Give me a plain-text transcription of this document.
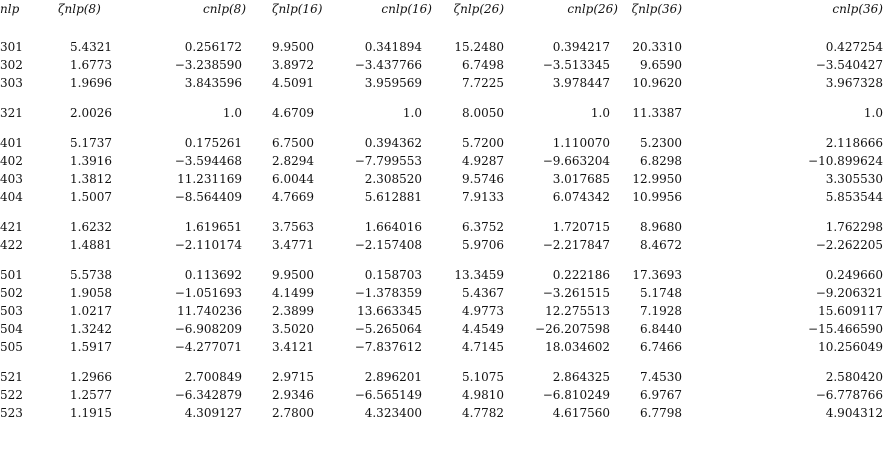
nlp	ζnlp(8)	cnlp(8)	ζnlp(16)	cnlp(16)	ζnlp(26)	cnlp(26)	ζnlp(36)	cnlp(36)

301	5.4321	0.256172	9.9500	0.341894	15.2480	0.394217	20.3310	0.427254
302	1.6773	−3.238590	3.8972	−3.437766	6.7498	−3.513345	9.6590	−3.540427
303	1.9696	3.843596	4.5091	3.959569	7.7225	3.978447	10.9620	3.967328

321	2.0026	1.0	4.6709	1.0	8.0050	1.0	11.3387	1.0

401	5.1737	0.175261	6.7500	0.394362	5.7200	1.110070	5.2300	2.118666
402	1.3916	−3.594468	2.8294	−7.799553	4.9287	−9.663204	6.8298	−10.899624
403	1.3812	11.231169	6.0044	2.308520	9.5746	3.017685	12.9950	3.305530
404	1.5007	−8.564409	4.7669	5.612881	7.9133	6.074342	10.9956	5.853544

421	1.6232	1.619651	3.7563	1.664016	6.3752	1.720715	8.9680	1.762298
422	1.4881	−2.110174	3.4771	−2.157408	5.9706	−2.217847	8.4672	−2.262205

501	5.5738	0.113692	9.9500	0.158703	13.3459	0.222186	17.3693	0.249660
502	1.9058	−1.051693	4.1499	−1.378359	5.4367	−3.261515	5.1748	−9.206321
503	1.0217	11.740236	2.3899	13.663345	4.9773	12.275513	7.1928	15.609117
504	1.3242	−6.908209	3.5020	−5.265064	4.4549	−26.207598	6.8440	−15.466590
505	1.5917	−4.277071	3.4121	−7.837612	4.7145	18.034602	6.7466	10.256049

521	1.2966	2.700849	2.9715	2.896201	5.1075	2.864325	7.4530	2.580420
522	1.2577	−6.342879	2.9346	−6.565149	4.9810	−6.810249	6.9767	−6.778766
523	1.1915	4.309127	2.7800	4.323400	4.7782	4.617560	6.7798	4.904312
